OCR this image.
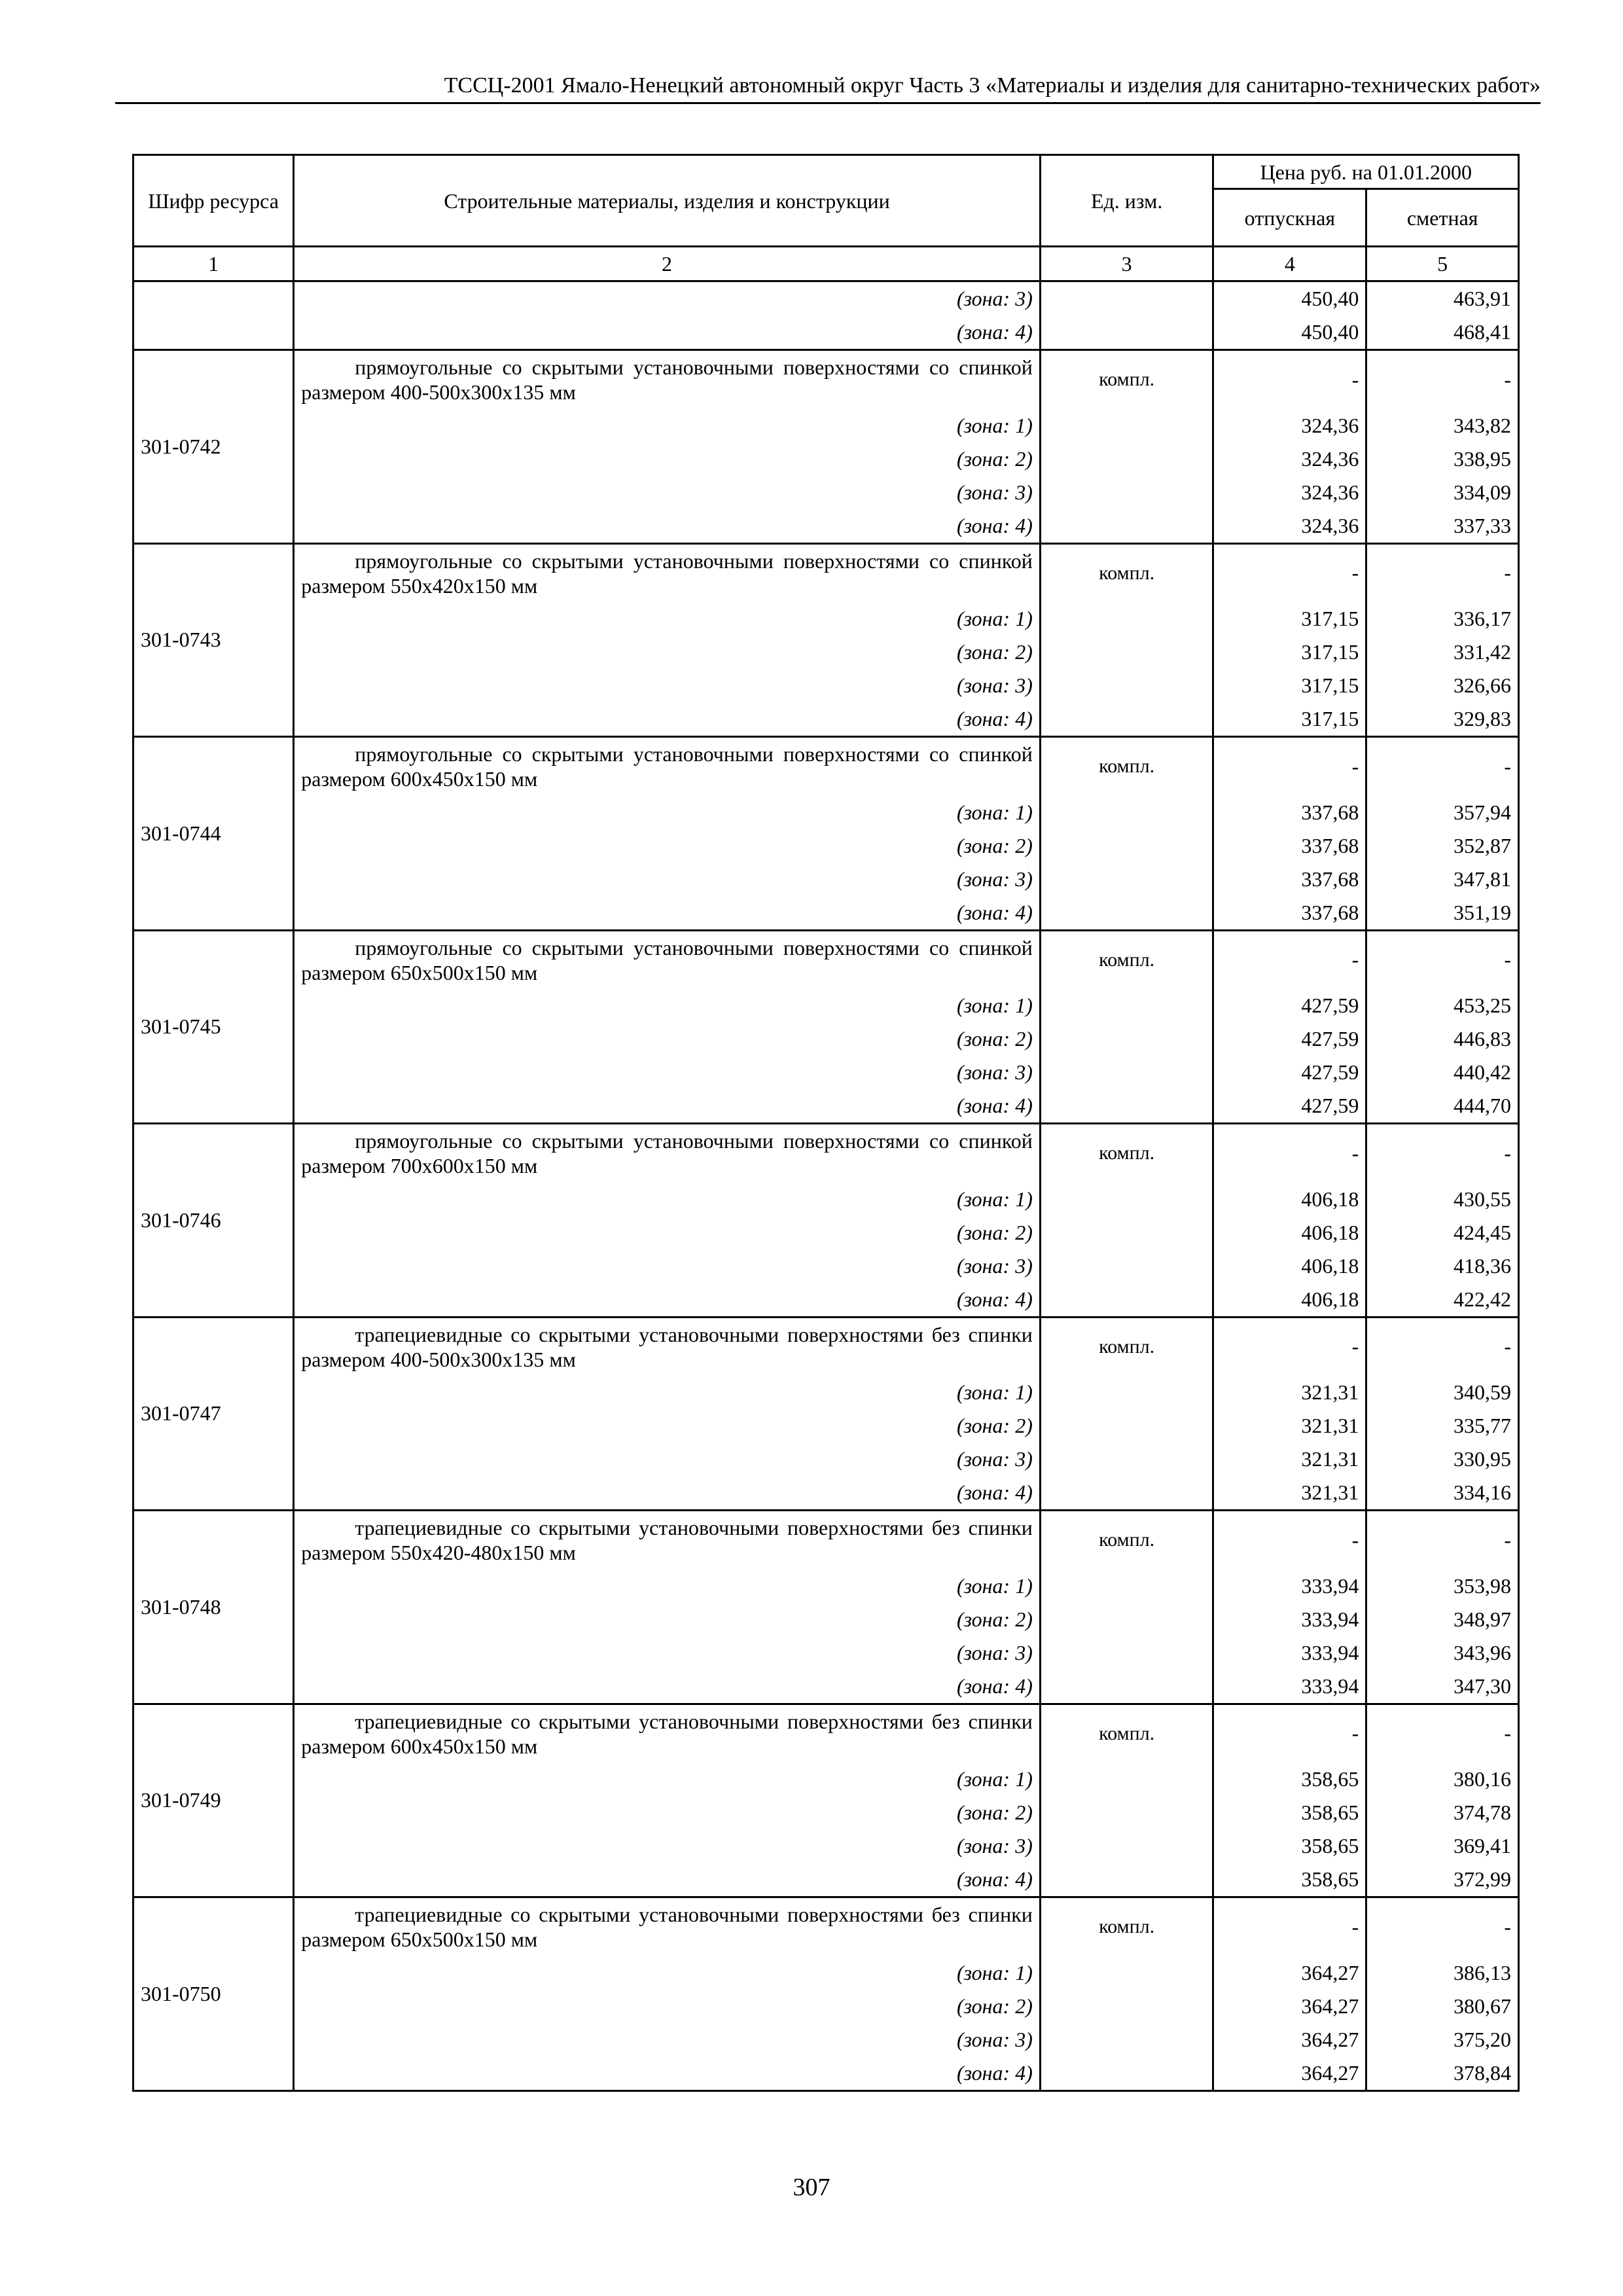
ТССЦ-2001 Ямало-Ненецкий автономный округ Часть 3 «Материалы и изделия для санитарно-технических работ»
Шифр ресурса	Строительные материалы, изделия и конструкции	Ед. изм.	Цена руб. на 01.01.2000	
			отпускная	сметная
1	2	3	4	5
	(зона: 3)		450,40	463,91
	(зона: 4)		450,40	468,41
301-0742	прямоугольные со скрытыми установочными поверхностями со спинкой размером 400-500х300х135 мм	компл.	-	-
	(зона: 1)		324,36	343,82
	(зона: 2)		324,36	338,95
	(зона: 3)		324,36	334,09
	(зона: 4)		324,36	337,33
301-0743	прямоугольные со скрытыми установочными поверхностями со спинкой размером 550х420х150 мм	компл.	-	-
	(зона: 1)		317,15	336,17
	(зона: 2)		317,15	331,42
	(зона: 3)		317,15	326,66
	(зона: 4)		317,15	329,83
301-0744	прямоугольные со скрытыми установочными поверхностями со спинкой размером 600х450х150 мм	компл.	-	-
	(зона: 1)		337,68	357,94
	(зона: 2)		337,68	352,87
	(зона: 3)		337,68	347,81
	(зона: 4)		337,68	351,19
301-0745	прямоугольные со скрытыми установочными поверхностями со спинкой размером 650х500х150 мм	компл.	-	-
	(зона: 1)		427,59	453,25
	(зона: 2)		427,59	446,83
	(зона: 3)		427,59	440,42
	(зона: 4)		427,59	444,70
301-0746	прямоугольные со скрытыми установочными поверхностями со спинкой размером 700х600х150 мм	компл.	-	-
	(зона: 1)		406,18	430,55
	(зона: 2)		406,18	424,45
	(зона: 3)		406,18	418,36
	(зона: 4)		406,18	422,42
301-0747	трапециевидные со скрытыми установочными поверхностями без спинки размером 400-500х300х135 мм	компл.	-	-
	(зона: 1)		321,31	340,59
	(зона: 2)		321,31	335,77
	(зона: 3)		321,31	330,95
	(зона: 4)		321,31	334,16
301-0748	трапециевидные со скрытыми установочными поверхностями без спинки размером 550х420-480х150 мм	компл.	-	-
	(зона: 1)		333,94	353,98
	(зона: 2)		333,94	348,97
	(зона: 3)		333,94	343,96
	(зона: 4)		333,94	347,30
301-0749	трапециевидные со скрытыми установочными поверхностями без спинки размером 600х450х150 мм	компл.	-	-
	(зона: 1)		358,65	380,16
	(зона: 2)		358,65	374,78
	(зона: 3)		358,65	369,41
	(зона: 4)		358,65	372,99
301-0750	трапециевидные со скрытыми установочными поверхностями без спинки размером 650х500х150 мм	компл.	-	-
	(зона: 1)		364,27	386,13
	(зона: 2)		364,27	380,67
	(зона: 3)		364,27	375,20
	(зона: 4)		364,27	378,84
307
